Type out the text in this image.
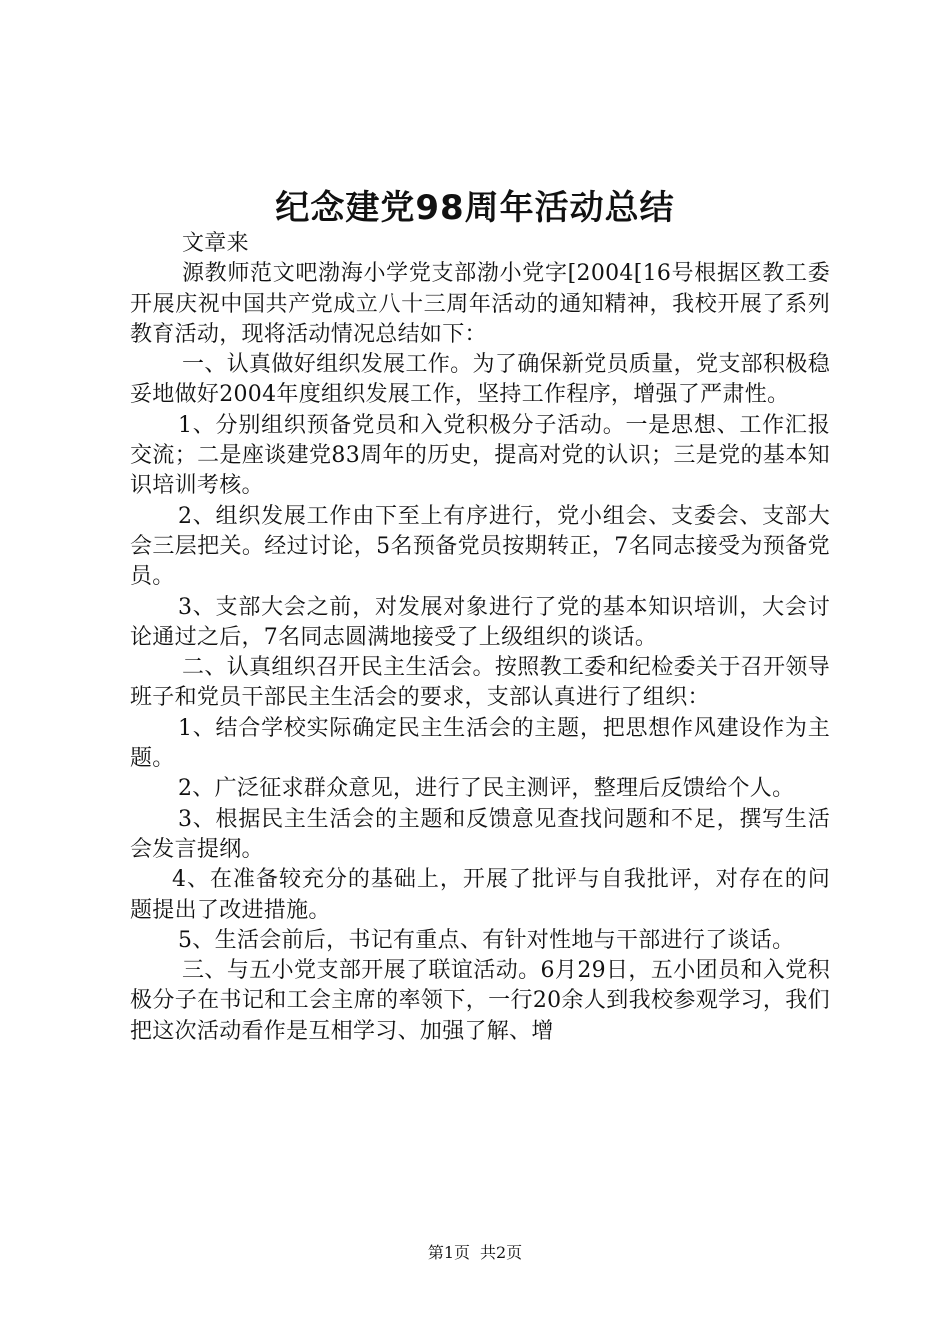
纪念建党98周年活动总结

文章来

源教师范文吧渤海小学党支部渤小党字[2004[16号根据区教工委开展庆祝中国共产党成立八十三周年活动的通知精神，我校开展了系列教育活动，现将活动情况总结如下：

一、认真做好组织发展工作。为了确保新党员质量，党支部积极稳妥地做好2004年度组织发展工作，坚持工作程序，增强了严肃性。

1、分别组织预备党员和入党积极分子活动。一是思想、工作汇报交流；二是座谈建党83周年的历史，提高对党的认识；三是党的基本知识培训考核。

2、组织发展工作由下至上有序进行，党小组会、支委会、支部大会三层把关。经过讨论，5名预备党员按期转正，7名同志接受为预备党员。

3、支部大会之前，对发展对象进行了党的基本知识培训，大会讨论通过之后，7名同志圆满地接受了上级组织的谈话。

二、认真组织召开民主生活会。按照教工委和纪检委关于召开领导班子和党员干部民主生活会的要求，支部认真进行了组织：

1、结合学校实际确定民主生活会的主题，把思想作风建设作为主题。

2、广泛征求群众意见，进行了民主测评，整理后反馈给个人。

3、根据民主生活会的主题和反馈意见查找问题和不足，撰写生活会发言提纲。

4、在准备较充分的基础上，开展了批评与自我批评，对存在的问题提出了改进措施。

5、生活会前后，书记有重点、有针对性地与干部进行了谈话。

三、与五小党支部开展了联谊活动。6月29日，五小团员和入党积极分子在书记和工会主席的率领下，一行20余人到我校参观学习，我们把这次活动看作是互相学习、加强了解、增

第1页 共2页
